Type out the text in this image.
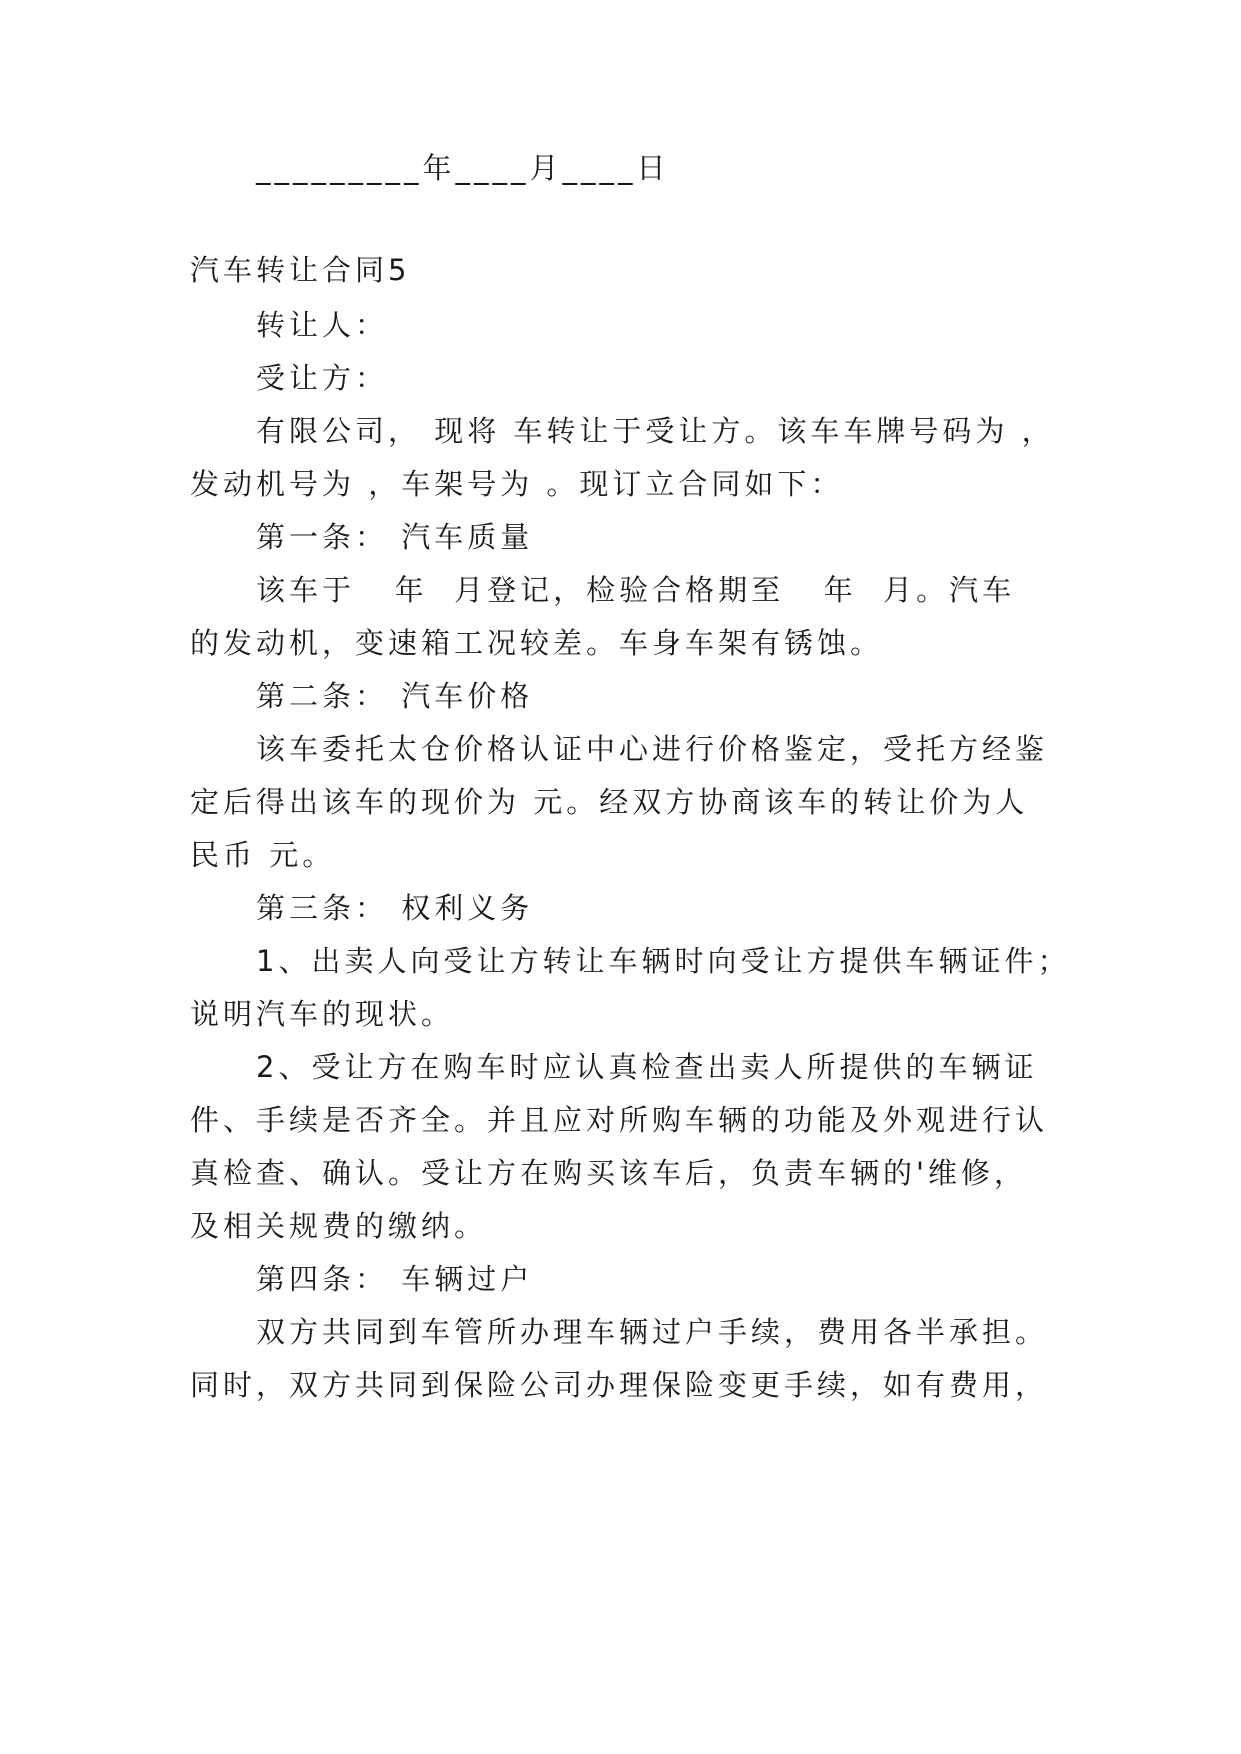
_________年____月____日
汽车转让合同5
转让人：
受让方：
有限公司， 现将 车转让于受让方。该车车牌号码为 ，
发动机号为 ，车架号为 。现订立合同如下：
第一条： 汽车质量
该车于   年  月登记，检验合格期至   年  月。汽车
的发动机，变速箱工况较差。车身车架有锈蚀。
第二条： 汽车价格
该车委托太仓价格认证中心进行价格鉴定，受托方经鉴
定后得出该车的现价为 元。经双方协商该车的转让价为人
民币 元。
第三条： 权利义务
1、出卖人向受让方转让车辆时向受让方提供车辆证件；
说明汽车的现状。
2、受让方在购车时应认真检查出卖人所提供的车辆证
件、手续是否齐全。并且应对所购车辆的功能及外观进行认
真检查、确认。受让方在购买该车后，负责车辆的'维修，
及相关规费的缴纳。
第四条： 车辆过户
双方共同到车管所办理车辆过户手续，费用各半承担。
同时，双方共同到保险公司办理保险变更手续，如有费用，
